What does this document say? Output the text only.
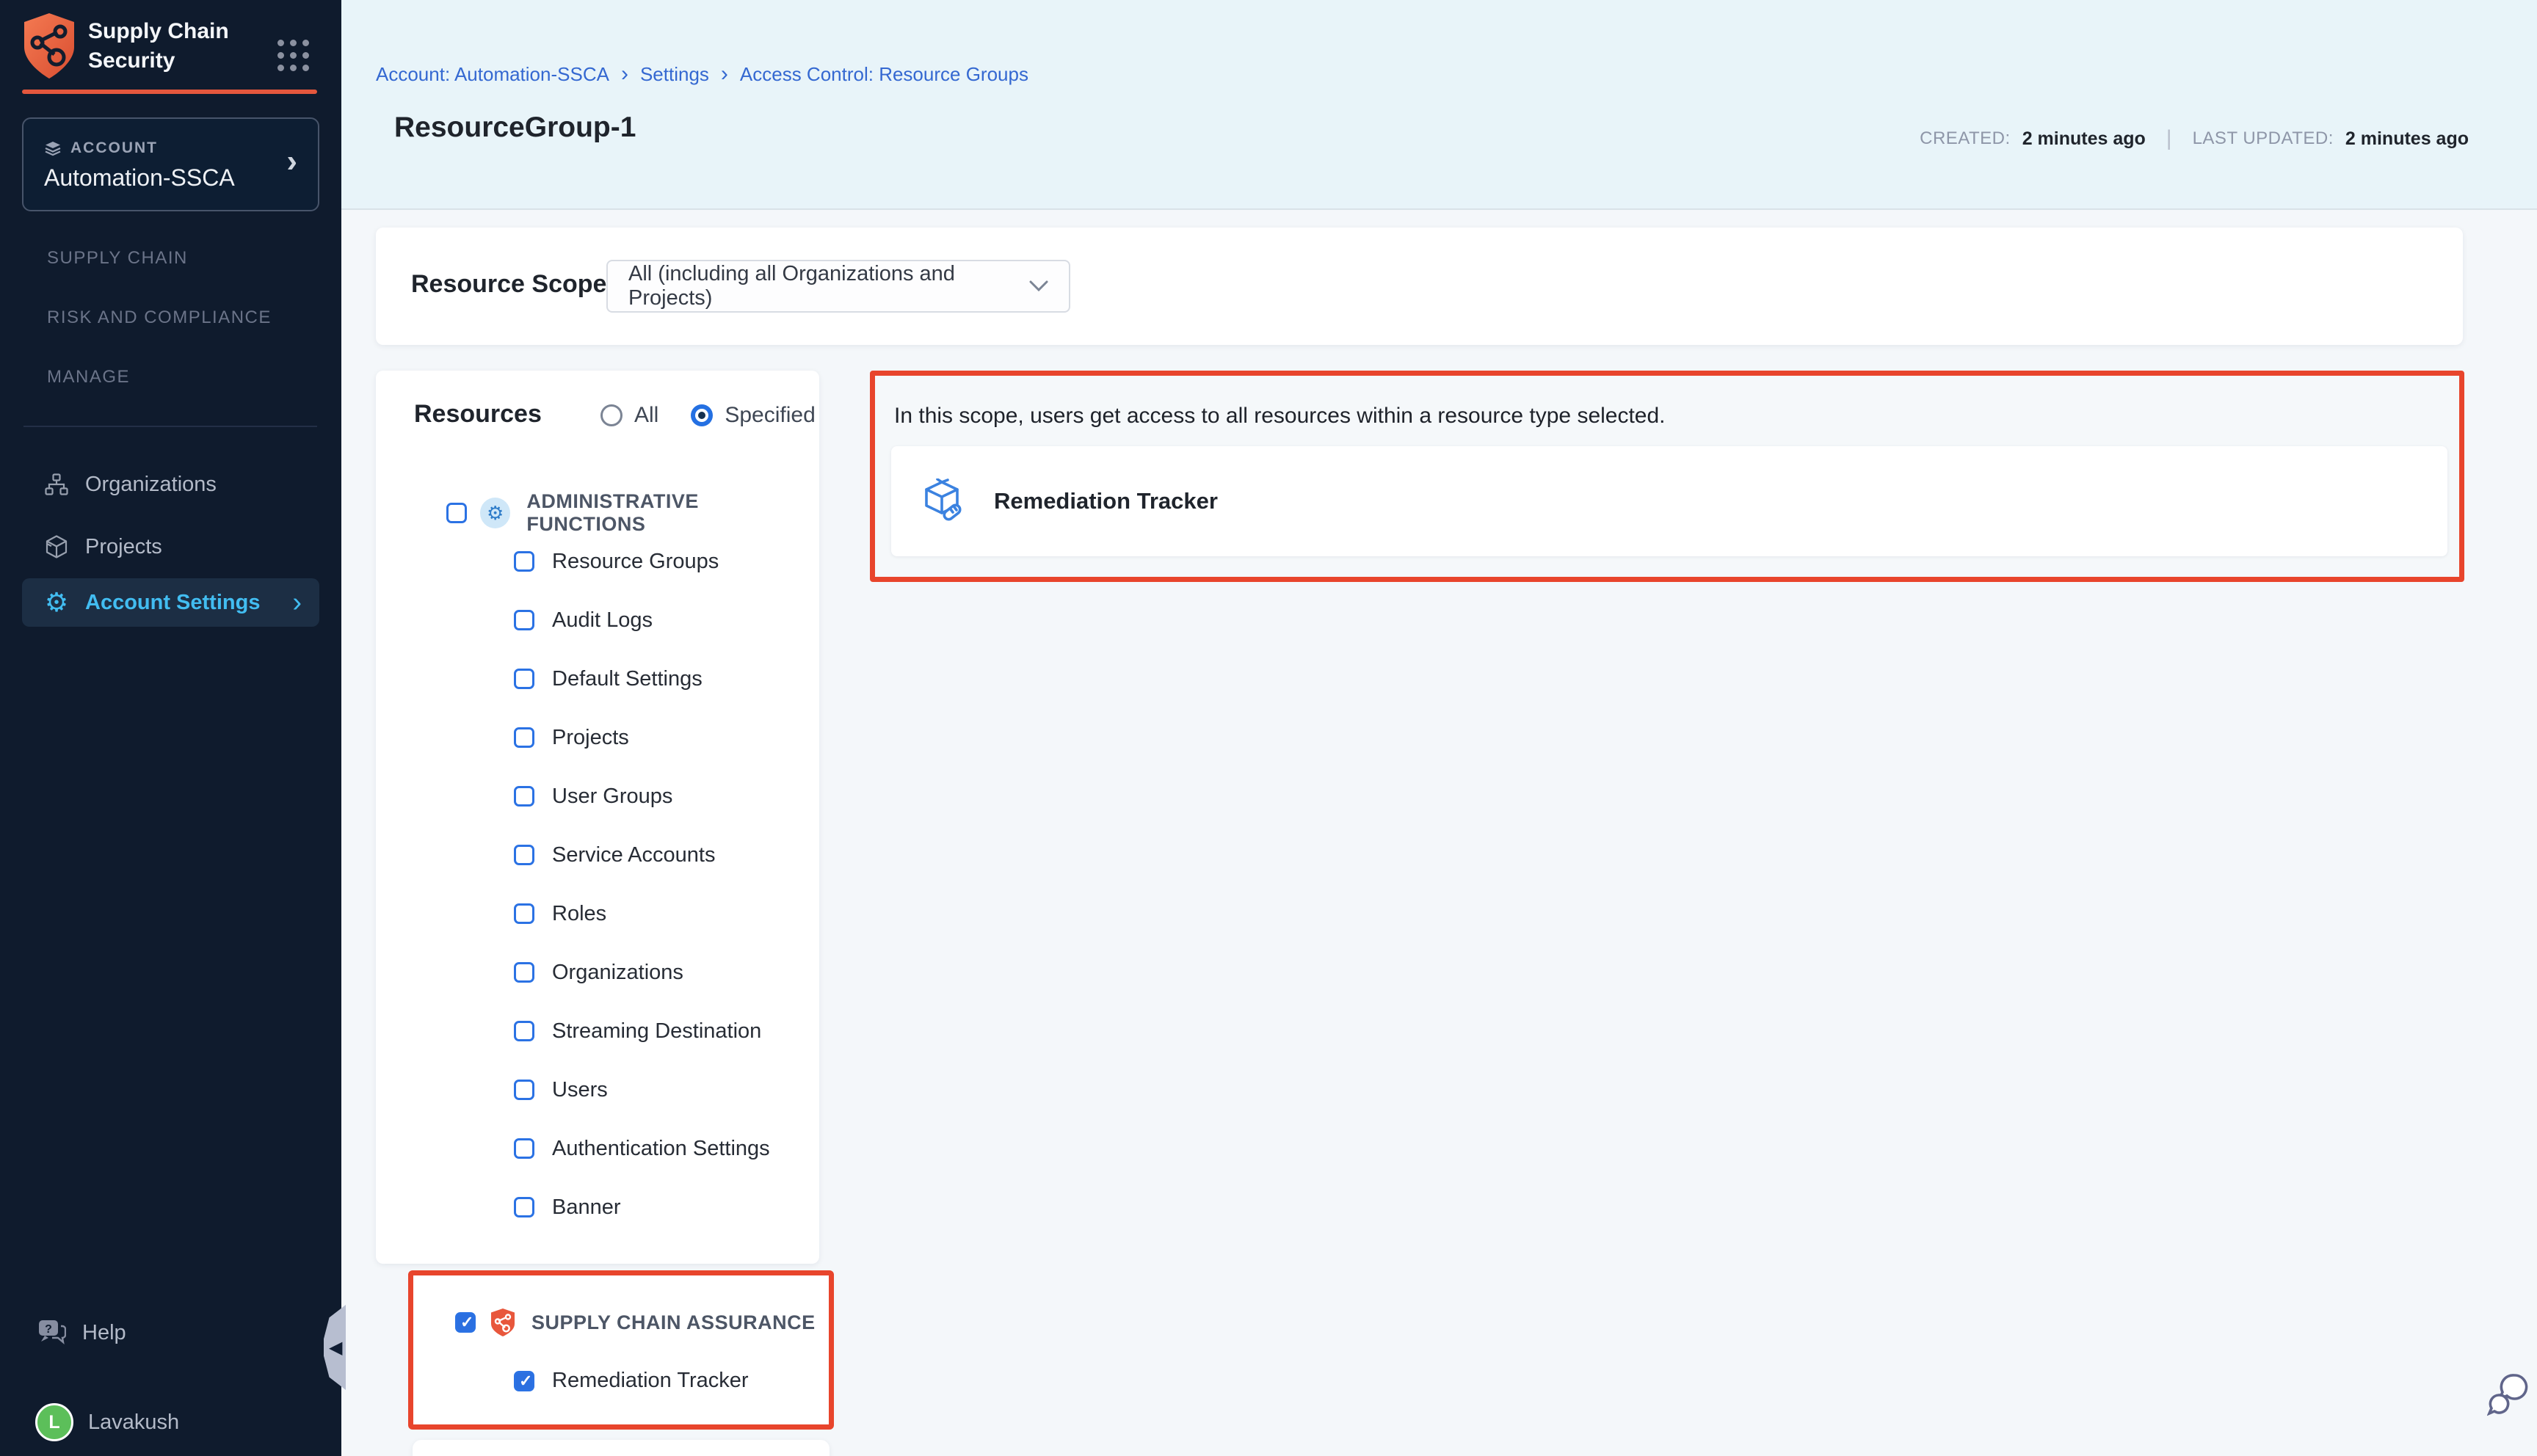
Supply Chain
Security
ACCOUNT
Automation-SSCA ›
SUPPLY CHAIN
RISK AND COMPLIANCE
MANAGE
Organizations
Projects
⚙ Account Settings ›
? Help
L	Lavakush
◀
Account: Automation-SSCA › Settings › Access Control: Resource Groups
ResourceGroup-1	CREATED: 2 minutes ago | LAST UPDATED: 2 minutes ago
Resource Scope All (including all Organizations and Projects)
Resources	All	Specified
⚙
ADMINISTRATIVE FUNCTIONS
Resource Groups
Audit Logs
Default Settings
Projects
User Groups
Service Accounts
Roles
Organizations
Streaming Destination
Users
Authentication Settings
Banner
✓
SUPPLY CHAIN ASSURANCE
✓
Remediation Tracker
In this scope, users get access to all resources within a resource type selected.
Remediation Tracker
